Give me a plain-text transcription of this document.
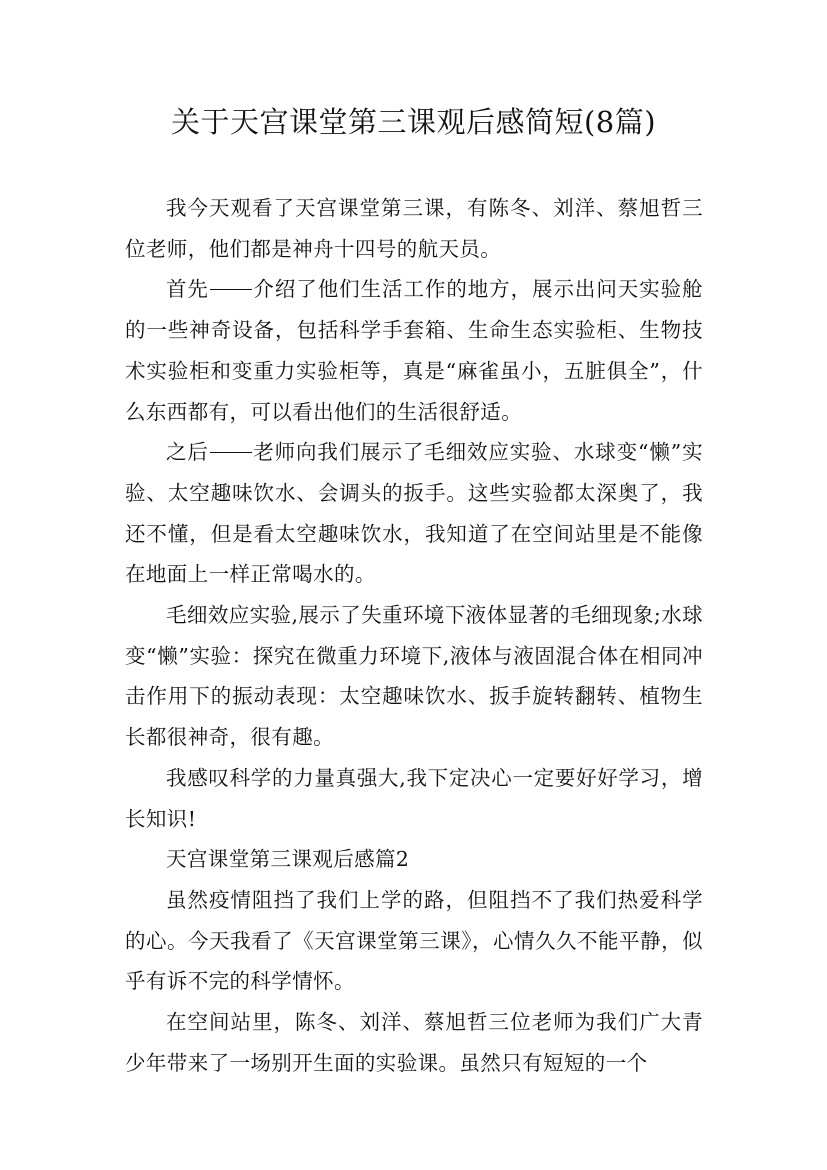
关于天宫课堂第三课观后感简短(8篇)

我今天观看了天宫课堂第三课，有陈冬、刘洋、蔡旭哲三位老师，他们都是神舟十四号的航天员。

首先 介绍了他们生活工作的地方，展示出问天实验舱的一些神奇设备，包括科学手套箱、生命生态实验柜、生物技术实验柜和变重力实验柜等，真是“麻雀虽小，五脏俱全”，什么东西都有，可以看出他们的生活很舒适。

之后 老师向我们展示了毛细效应实验、水球变“懒”实验、太空趣味饮水、会调头的扳手。这些实验都太深奥了，我还不懂，但是看太空趣味饮水，我知道了在空间站里是不能像在地面上一样正常喝水的。

毛细效应实验,展示了失重环境下液体显著的毛细现象;水球变“懒”实验：探究在微重力环境下,液体与液固混合体在相同冲击作用下的振动表现：太空趣味饮水、扳手旋转翻转、植物生长都很神奇，很有趣。

我感叹科学的力量真强大,我下定决心一定要好好学习，增长知识!

天宫课堂第三课观后感篇2

虽然疫情阻挡了我们上学的路，但阻挡不了我们热爱科学的心。今天我看了《天宫课堂第三课》，心情久久不能平静，似乎有诉不完的科学情怀。

在空间站里，陈冬、刘洋、蔡旭哲三位老师为我们广大青少年带来了一场别开生面的实验课。虽然只有短短的一个
